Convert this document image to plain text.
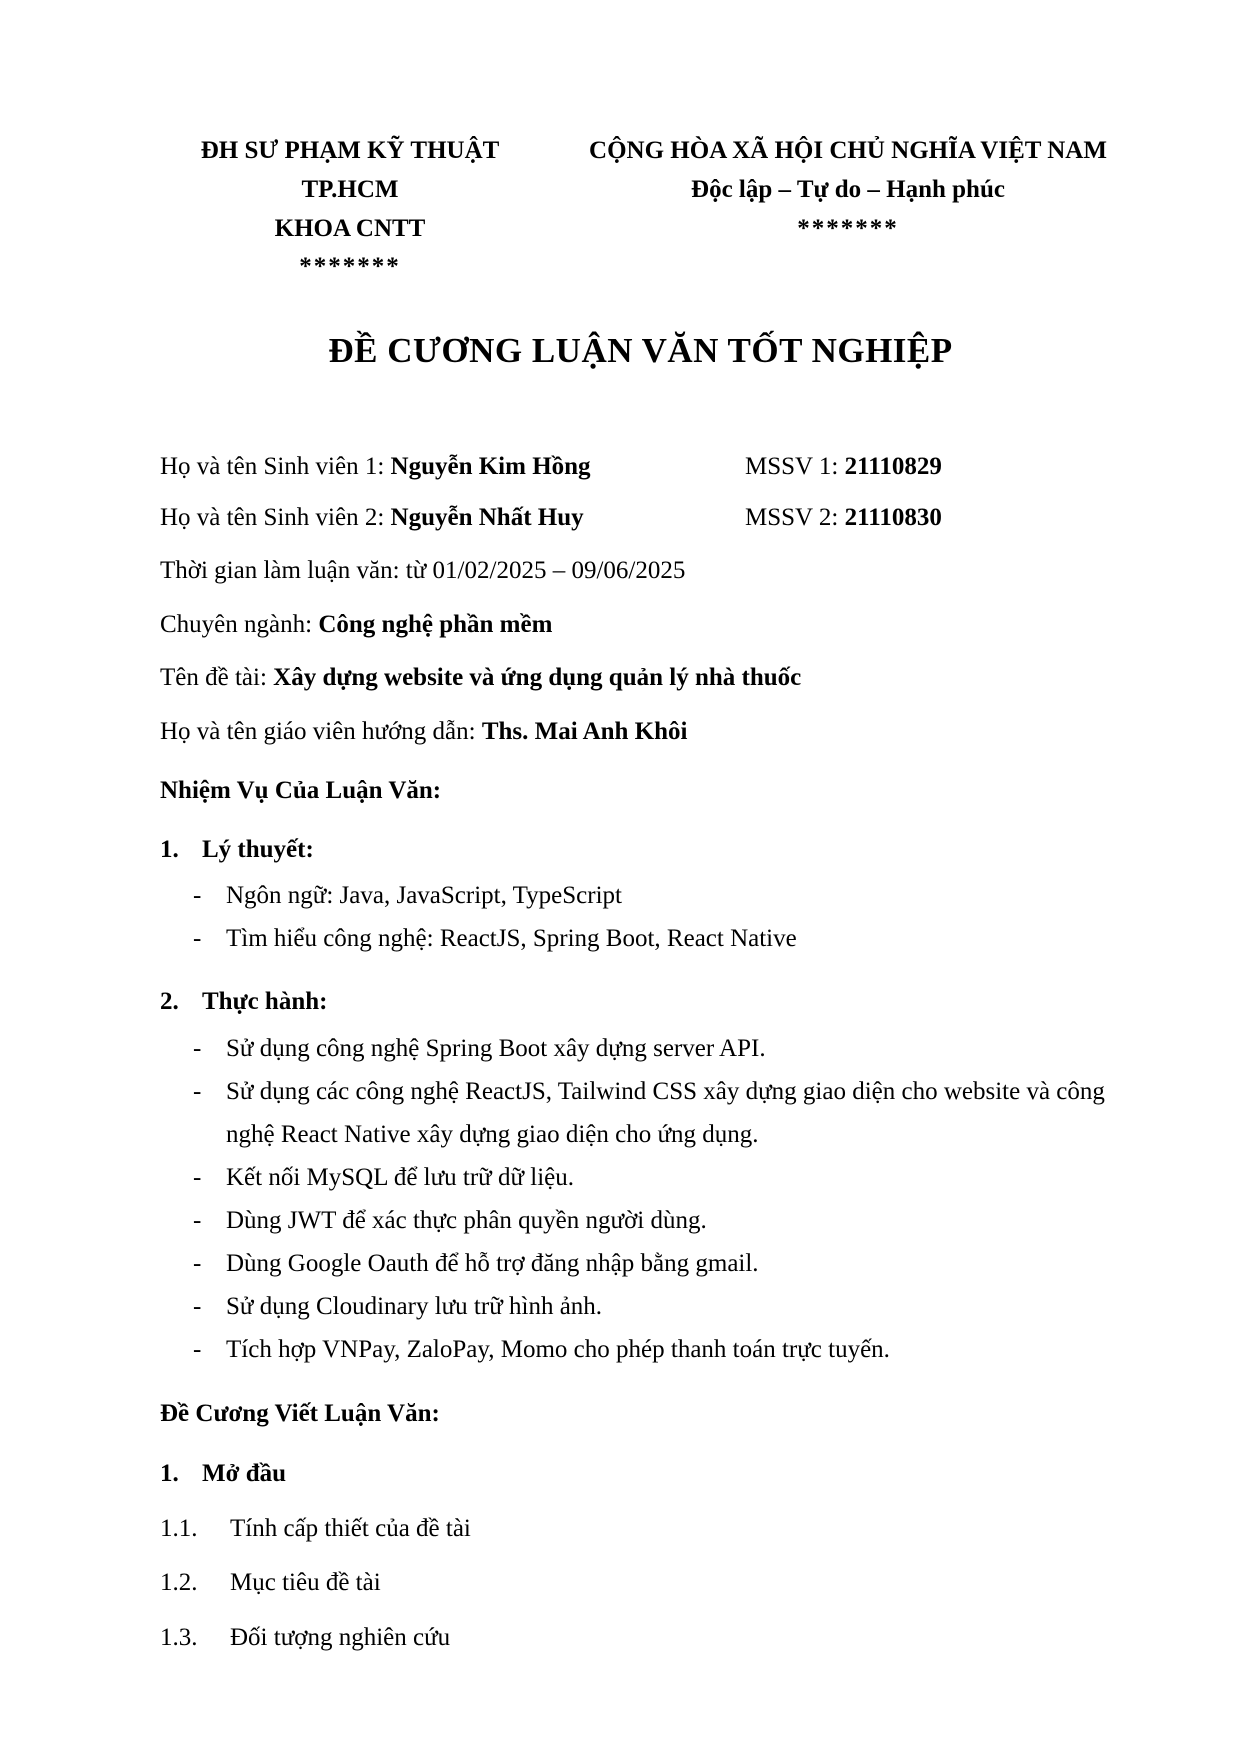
ĐH SƯ PHẠM KỸ THUẬT TP.HCM
KHOA CNTT
*******
CỘNG HÒA XÃ HỘI CHỦ NGHĨA VIỆT NAM
Độc lập – Tự do – Hạnh phúc
*******
ĐỀ CƯƠNG LUẬN VĂN TỐT NGHIỆP
Họ và tên Sinh viên 1: Nguyễn Kim Hồng	MSSV 1: 21110829
Họ và tên Sinh viên 2: Nguyễn Nhất Huy	MSSV 2: 21110830
Thời gian làm luận văn: từ 01/02/2025 – 09/06/2025
Chuyên ngành: Công nghệ phần mềm
Tên đề tài: Xây dựng website và ứng dụng quản lý nhà thuốc
Họ và tên giáo viên hướng dẫn: Ths. Mai Anh Khôi
Nhiệm Vụ Của Luận Văn:
1. Lý thuyết:
- Ngôn ngữ: Java, JavaScript, TypeScript
- Tìm hiểu công nghệ: ReactJS, Spring Boot, React Native
2. Thực hành:
- Sử dụng công nghệ Spring Boot xây dựng server API.
- Sử dụng các công nghệ ReactJS, Tailwind CSS xây dựng giao diện cho website và công nghệ React Native xây dựng giao diện cho ứng dụng.
- Kết nối MySQL để lưu trữ dữ liệu.
- Dùng JWT để xác thực phân quyền người dùng.
- Dùng Google Oauth để hỗ trợ đăng nhập bằng gmail.
- Sử dụng Cloudinary lưu trữ hình ảnh.
- Tích hợp VNPay, ZaloPay, Momo cho phép thanh toán trực tuyến.
Đề Cương Viết Luận Văn:
1. Mở đầu
1.1.	Tính cấp thiết của đề tài
1.2.	Mục tiêu đề tài
1.3.	Đối tượng nghiên cứu
